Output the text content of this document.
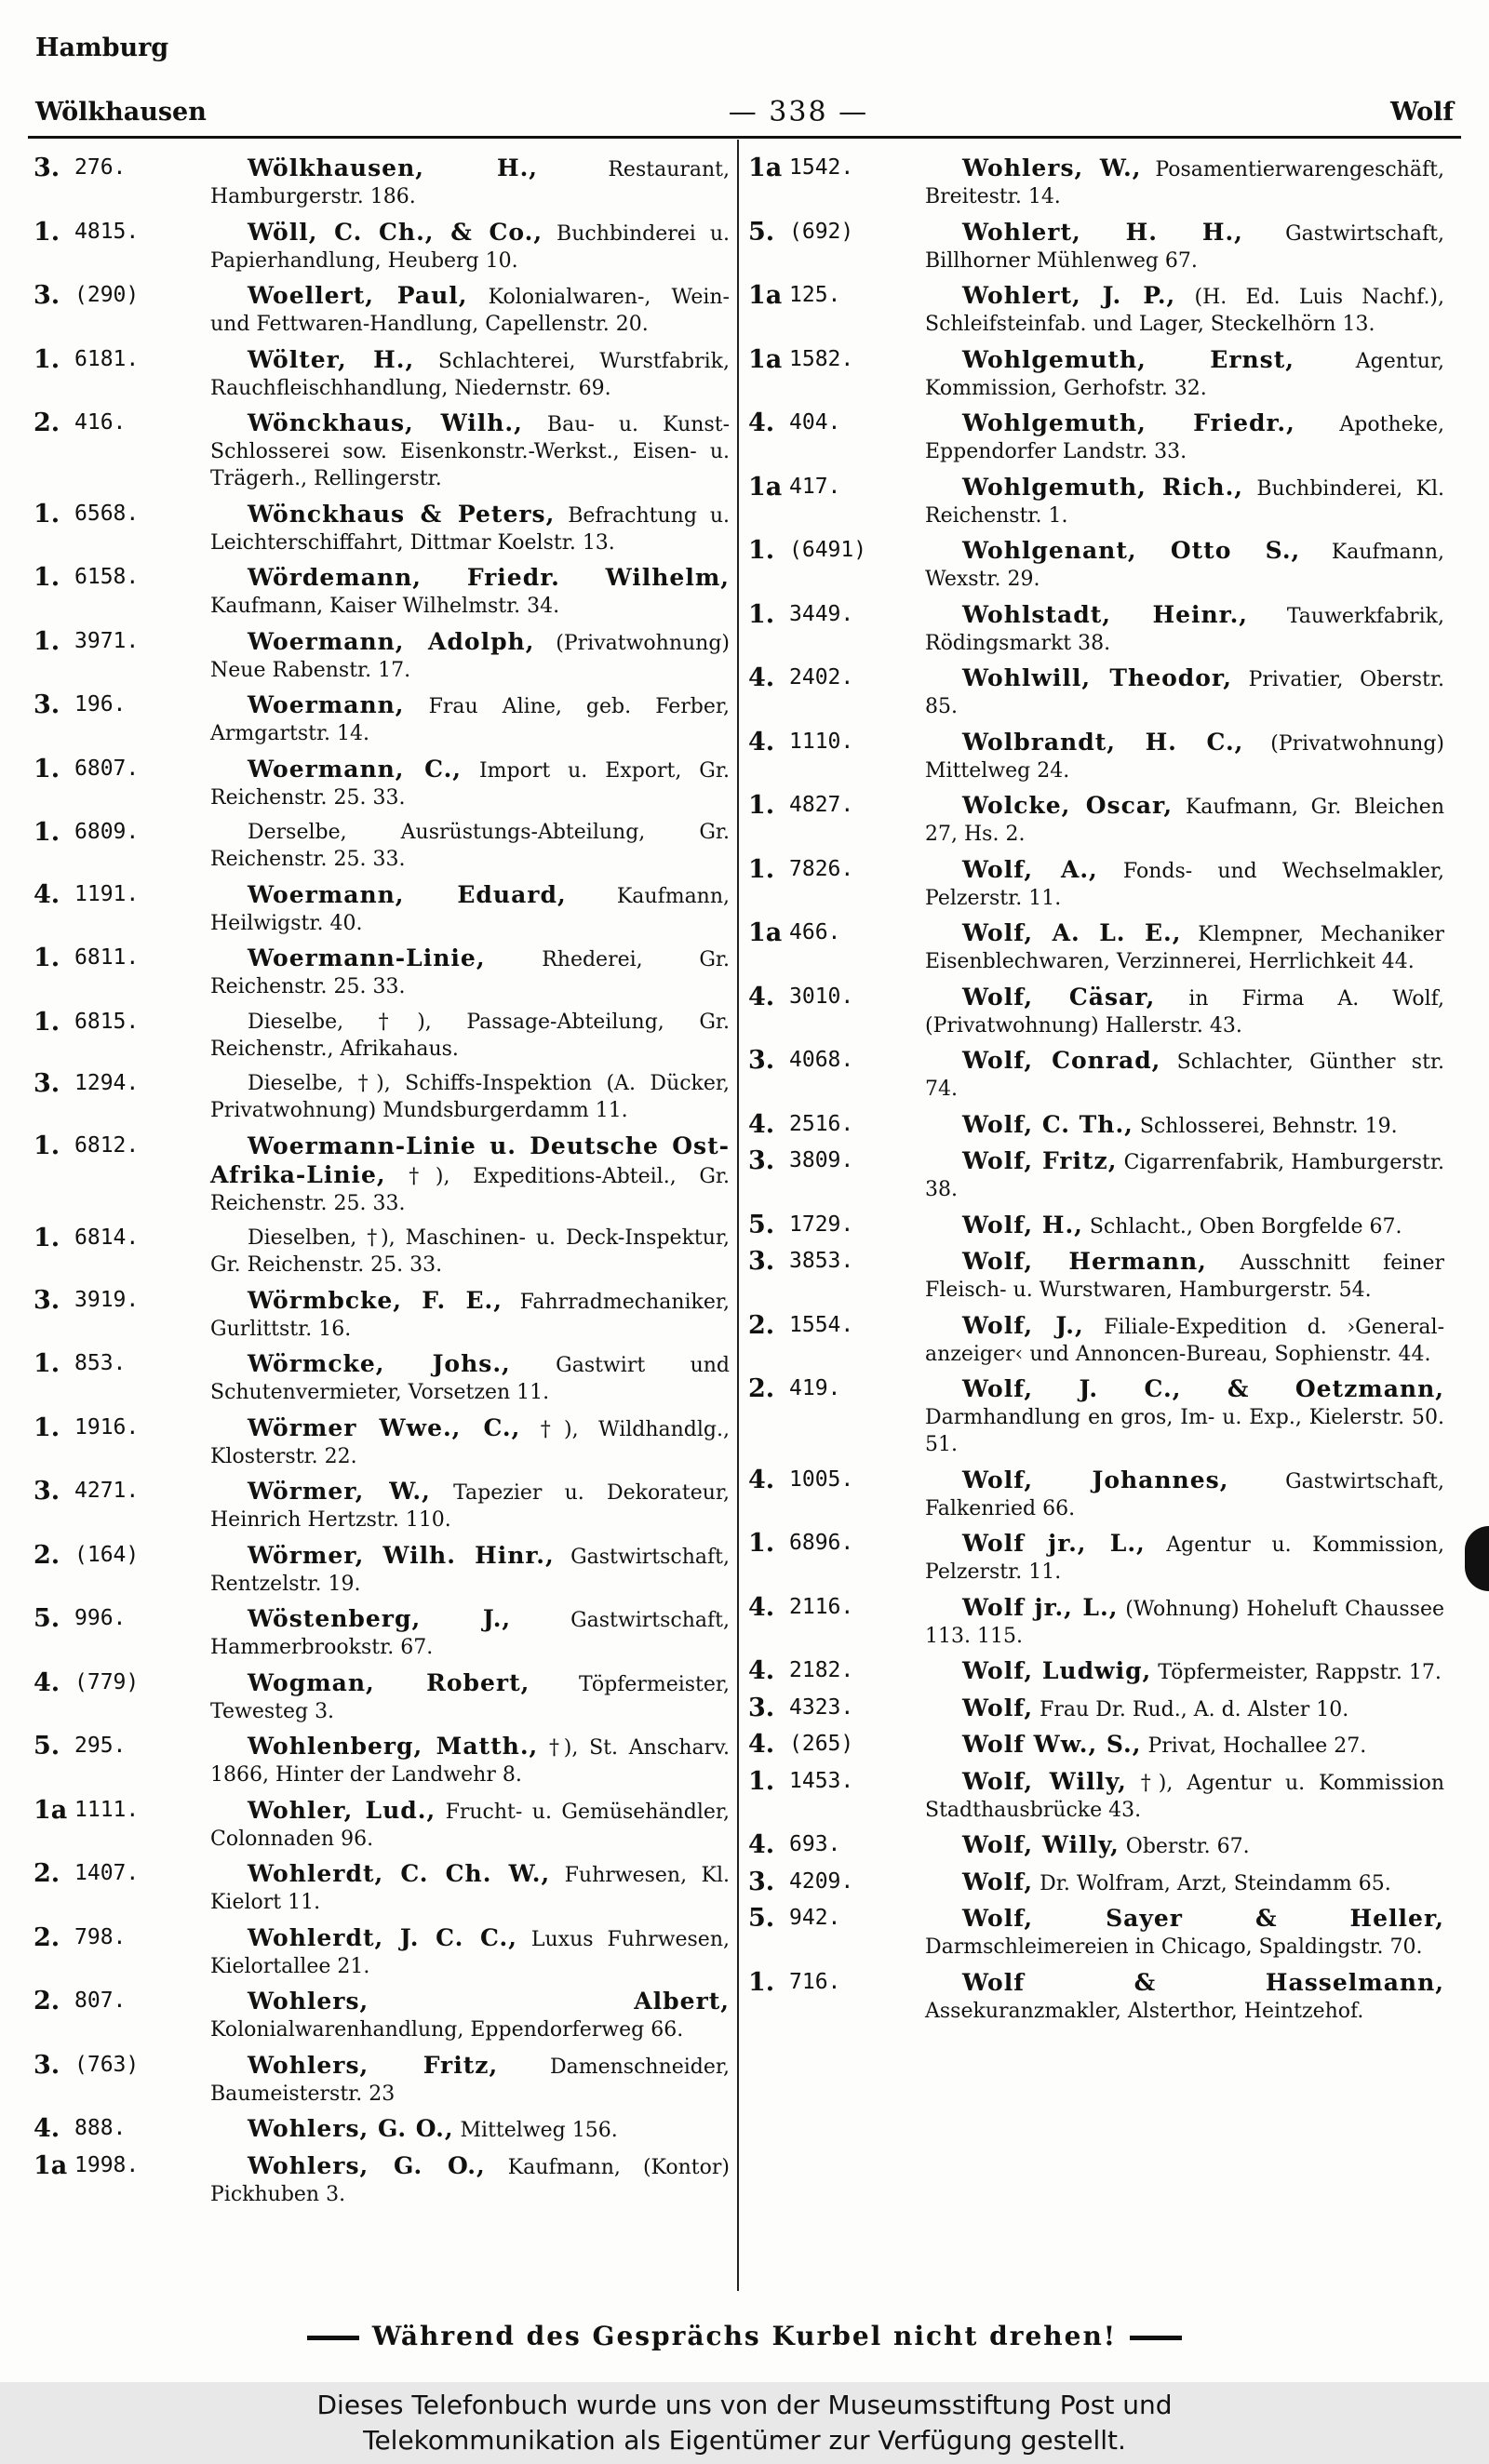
Hamburg
Wölkhausen	— 338 —	Wolf
3. 276.	Wölkhausen, H.,	Restaurant, Hamburgerstr. 186.
1. 4815.	Wöll, C. Ch., & Co., Buchbinderei u. Papierhandlung, Heuberg 10.
3. (290)	Woellert, Paul, Kolonialwaren-, Wein- und Fettwaren-Handlung, Capellenstr. 20.
1. 6181.	Wölter, H., Schlachterei, Wurstfabrik, Rauchfleischhandlung, Niedernstr. 69.
2. 416.	Wönckhaus, Wilh., Bau- u. Kunst-Schlosserei sow. Eisenkonstr.-Werkst., Eisen- u. Trägerh., Rellingerstr.
1. 6568.	Wönckhaus & Peters, Befrachtung u. Leichterschiffahrt, Dittmar Koelstr. 13.
1. 6158.	Wördemann, Friedr. Wilhelm, Kaufmann, Kaiser Wilhelmstr. 34.
1. 3971.	Woermann, Adolph, (Privatwohnung) Neue Rabenstr. 17.
3. 196.	Woermann, Frau Aline, geb. Ferber, Armgartstr. 14.
1. 6807.	Woermann, C., Import u. Export, Gr. Reichenstr. 25. 33.
1. 6809.	Derselbe, Ausrüstungs-Abteilung, Gr. Reichenstr. 25. 33.
4. 1191.	Woermann, Eduard, Kaufmann, Heilwigstr. 40.
1. 6811.	Woermann-Linie,	Rhederei, Gr. Reichenstr. 25. 33.
1. 6815.	Dieselbe, †), Passage-Abteilung, Gr. Reichenstr., Afrikahaus.
3. 1294.	Dieselbe, †), Schiffs-Inspektion (A. Dücker, Privatwohnung) Mundsburgerdamm 11.
1. 6812.	Woermann-Linie u. Deutsche Ost-Afrika-Linie, †), Expeditions-Abteil., Gr. Reichenstr. 25. 33.
1. 6814.	Dieselben, †), Maschinen- u. Deck-Inspektur, Gr. Reichenstr. 25. 33.
3. 3919.	Wörmbcke, F. E., Fahrradmechaniker, Gurlittstr. 16.
1. 853.	Wörmcke, Johs., Gastwirt und Schutenvermieter, Vorsetzen 11.
1. 1916.	Wörmer Wwe., C., †), Wildhandlg., Klosterstr. 22.
3. 4271.	Wörmer, W., Tapezier u. Dekorateur, Heinrich Hertzstr. 110.
2. (164)	Wörmer, Wilh. Hinr., Gastwirtschaft, Rentzelstr. 19.
5. 996.	Wöstenberg, J.,	Gastwirtschaft, Hammerbrookstr. 67.
4. (779)	Wogman, Robert, Töpfermeister, Tewesteg 3.
5. 295.	Wohlenberg, Matth., †), St. Anscharv. 1866, Hinter der Landwehr 8.
1a 1111.	Wohler, Lud., Frucht- u. Gemüsehändler, Colonnaden 96.
2. 1407.	Wohlerdt, C. Ch. W., Fuhrwesen, Kl. Kielort 11.
2. 798.	Wohlerdt, J. C. C., Luxus Fuhrwesen, Kielortallee 21.
2. 807.	Wohlers, Albert, Kolonialwarenhandlung, Eppendorferweg 66.
3. (763)	Wohlers, Fritz,	Damenschneider, Baumeisterstr. 23
4. 888.	Wohlers, G. O., Mittelweg 156.
1a 1998.	Wohlers, G. O., Kaufmann, (Kontor) Pickhuben 3.
1a 1542.	Wohlers, W., Posamentierwarengeschäft, Breitestr. 14.
5. (692)	Wohlert, H. H., Gastwirtschaft, Billhorner Mühlenweg 67.
1a 125.	Wohlert, J. P., (H. Ed. Luis Nachf.), Schleifsteinfab. und Lager, Steckelhörn 13.
1a 1582.	Wohlgemuth, Ernst,	Agentur, Kommission, Gerhofstr. 32.
4. 404.	Wohlgemuth, Friedr., Apotheke, Eppendorfer Landstr. 33.
1a 417.	Wohlgemuth, Rich., Buchbinderei, Kl. Reichenstr. 1.
1. (6491)	Wohlgenant, Otto S., Kaufmann, Wexstr. 29.
1. 3449.	Wohlstadt, Heinr., Tauwerkfabrik, Rödingsmarkt 38.
4. 2402.	Wohlwill, Theodor, Privatier, Oberstr. 85.
4. 1110.	Wolbrandt, H. C., (Privatwohnung) Mittelweg 24.
1. 4827.	Wolcke, Oscar, Kaufmann, Gr. Bleichen 27, Hs. 2.
1. 7826.	Wolf, A., Fonds- und Wechselmakler, Pelzerstr. 11.
1a 466.	Wolf, A. L. E., Klempner, Mechaniker Eisenblechwaren, Verzinnerei, Herrlichkeit 44.
4. 3010.	Wolf, Cäsar, in Firma A. Wolf, (Privatwohnung) Hallerstr. 43.
3. 4068.	Wolf, Conrad, Schlachter, Günther str. 74.
4. 2516.	Wolf, C. Th., Schlosserei, Behnstr. 19.
3. 3809.	Wolf, Fritz, Cigarrenfabrik, Hamburgerstr. 38.
5. 1729.	Wolf, H., Schlacht., Oben Borgfelde 67.
3. 3853.	Wolf, Hermann, Ausschnitt feiner Fleisch- u. Wurstwaren, Hamburgerstr. 54.
2. 1554.	Wolf, J., Filiale-Expedition d. ›General-anzeiger‹ und Annoncen-Bureau, Sophienstr. 44.
2. 419.	Wolf, J. C., & Oetzmann, Darmhandlung en gros, Im- u. Exp., Kielerstr. 50. 51.
4. 1005.	Wolf, Johannes,	Gastwirtschaft, Falkenried 66.
1. 6896.	Wolf jr., L., Agentur u. Kommission, Pelzerstr. 11.
4. 2116.	Wolf jr., L., (Wohnung) Hoheluft Chaussee 113. 115.
4. 2182.	Wolf, Ludwig, Töpfermeister, Rappstr. 17.
3. 4323.	Wolf, Frau Dr. Rud., A. d. Alster 10.
4. (265)	Wolf Ww., S., Privat, Hochallee 27.
1. 1453.	Wolf, Willy, †), Agentur u. Kommission Stadthausbrücke 43.
4. 693.	Wolf, Willy, Oberstr. 67.
3. 4209.	Wolf, Dr. Wolfram, Arzt, Steindamm 65.
5. 942.	Wolf, Sayer & Heller, Darmschleimereien in Chicago, Spaldingstr. 70.
1. 716.	Wolf & Hasselmann, Assekuranzmakler, Alsterthor, Heintzehof.
Während des Gesprächs Kurbel nicht drehen!
Dieses Telefonbuch wurde uns von der Museumsstiftung Post und
Telekommunikation als Eigentümer zur Verfügung gestellt.
